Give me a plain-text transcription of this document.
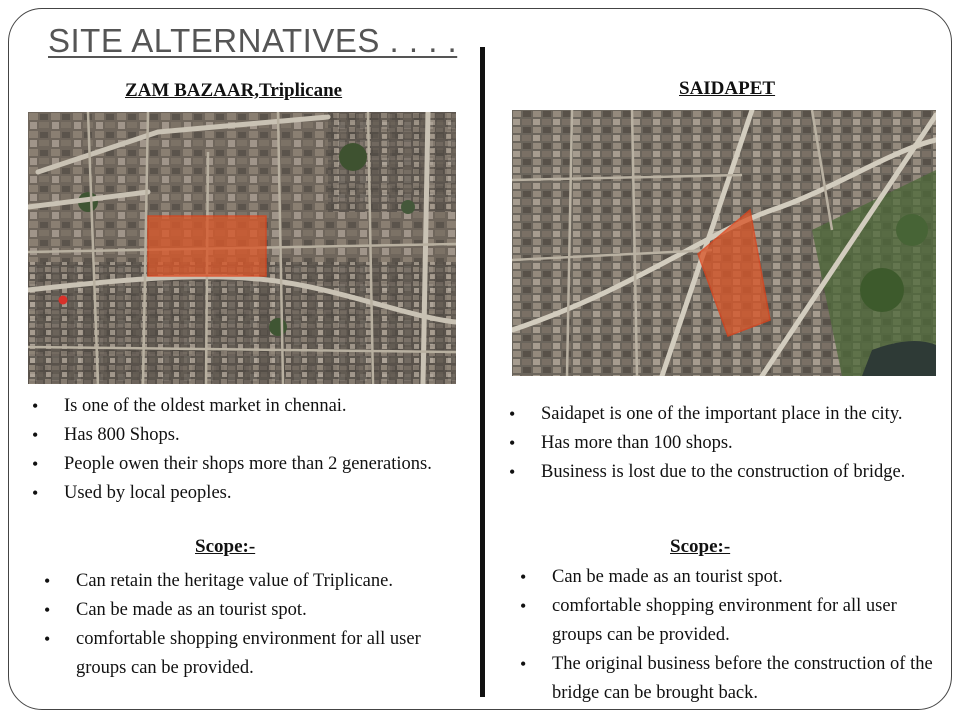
SITE ALTERNATIVES . . . .
ZAM BAZAAR,Triplicane
• Is one of the oldest market in chennai.
• Has 800 Shops.
• People owen their shops more than 2 generations.
• Used by local peoples.
Scope:-
• Can retain the heritage value of Triplicane.
• Can be made as an tourist spot.
• comfortable shopping environment for all user groups can be provided.
SAIDAPET
• Saidapet is one of the important place in the city.
• Has more than 100 shops.
• Business is lost due to the construction of bridge.
Scope:-
• Can be made as an tourist spot.
• comfortable shopping environment for all user groups can be provided.
• The original business before the construction of the bridge can be brought back.
